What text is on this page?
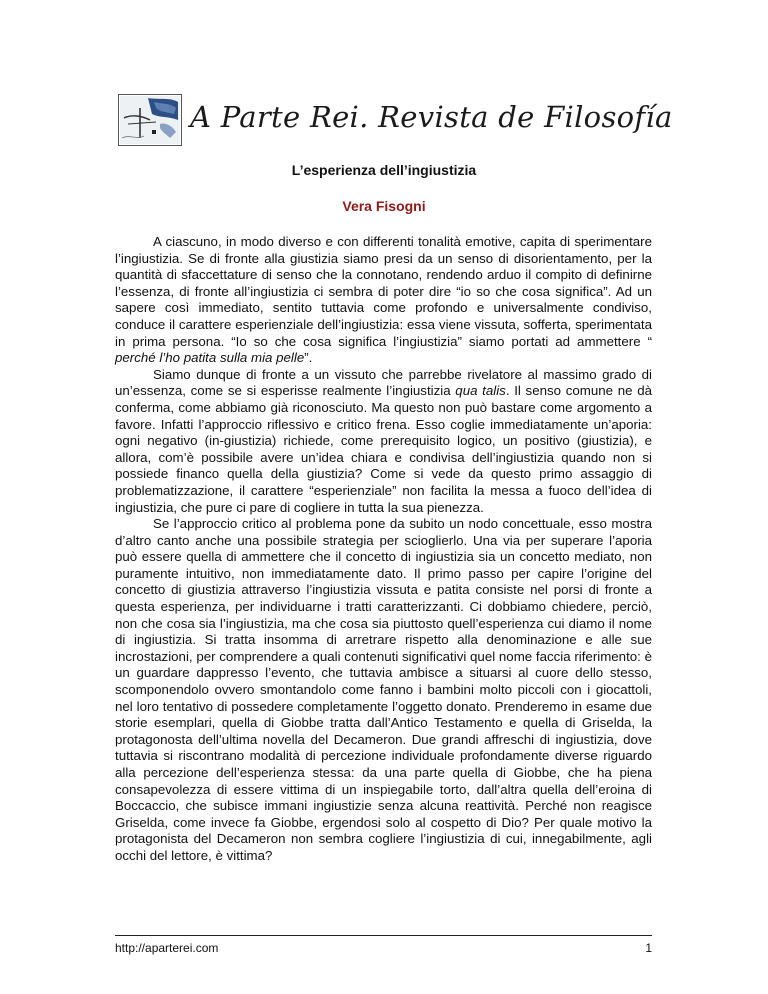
A Parte Rei. Revista de Filosofía
L’esperienza dell’ingiustizia
Vera Fisogni

A ciascuno, in modo diverso e con differenti tonalità emotive, capita di sperimentare l’ingiustizia. Se di fronte alla giustizia siamo presi da un senso di disorientamento, per la quantità di sfaccettature di senso che la connotano, rendendo arduo il compito di definirne l’essenza, di fronte all’ingiustizia ci sembra di poter dire “io so che cosa significa”. Ad un sapere così immediato, sentito tuttavia come profondo e universalmente condiviso, conduce il carattere esperienziale dell’ingiustizia: essa viene vissuta, sofferta, sperimentata in prima persona. “Io so che cosa significa l’ingiustizia” siamo portati ad ammettere “ perché l’ho patita sulla mia pelle”.

Siamo dunque di fronte a un vissuto che parrebbe rivelatore al massimo grado di un’essenza, come se si esperisse realmente l’ingiustizia qua talis. Il senso comune ne dà conferma, come abbiamo già riconosciuto. Ma questo non può bastare come argomento a favore. Infatti l’approccio riflessivo e critico frena. Esso coglie immediatamente un’aporia: ogni negativo (in-giustizia) richiede, come prerequisito logico, un positivo (giustizia), e allora, com’è possibile avere un’idea chiara e condivisa dell’ingiustizia quando non si possiede financo quella della giustizia? Come si vede da questo primo assaggio di problematizzazione, il carattere “esperienziale” non facilita la messa a fuoco dell’idea di ingiustizia, che pure ci pare di cogliere in tutta la sua pienezza.

Se l’approccio critico al problema pone da subito un nodo concettuale, esso mostra d’altro canto anche una possibile strategia per scioglierlo. Una via per superare l’aporia può essere quella di ammettere che il concetto di ingiustizia sia un concetto mediato, non puramente intuitivo, non immediatamente dato. Il primo passo per capire l’origine del concetto di giustizia attraverso l’ingiustizia vissuta e patita consiste nel porsi di fronte a questa esperienza, per individuarne i tratti caratterizzanti. Ci dobbiamo chiedere, perciò, non che cosa sia l’ingiustizia, ma che cosa sia piuttosto quell’esperienza cui diamo il nome di ingiustizia. Si tratta insomma di arretrare rispetto alla denominazione e alle sue incrostazioni, per comprendere a quali contenuti significativi quel nome faccia riferimento: è un guardare dappresso l’evento, che tuttavia ambisce a situarsi al cuore dello stesso, scomponendolo ovvero smontandolo come fanno i bambini molto piccoli con i giocattoli, nel loro tentativo di possedere completamente l’oggetto donato. Prenderemo in esame due storie esemplari, quella di Giobbe tratta dall’Antico Testamento e quella di Griselda, la protagonosta dell’ultima novella del Decameron. Due grandi affreschi di ingiustizia, dove tuttavia si riscontrano modalità di percezione individuale profondamente diverse riguardo alla percezione dell’esperienza stessa: da una parte quella di Giobbe, che ha piena consapevolezza di essere vittima di un inspiegabile torto, dall’altra quella dell’eroina di Boccaccio, che subisce immani ingiustizie senza alcuna reattività. Perché non reagisce Griselda, come invece fa Giobbe, ergendosi solo al cospetto di Dio? Per quale motivo la protagonista del Decameron non sembra cogliere l’ingiustizia di cui, innegabilmente, agli occhi del lettore, è vittima?

http://aparterei.com	1
